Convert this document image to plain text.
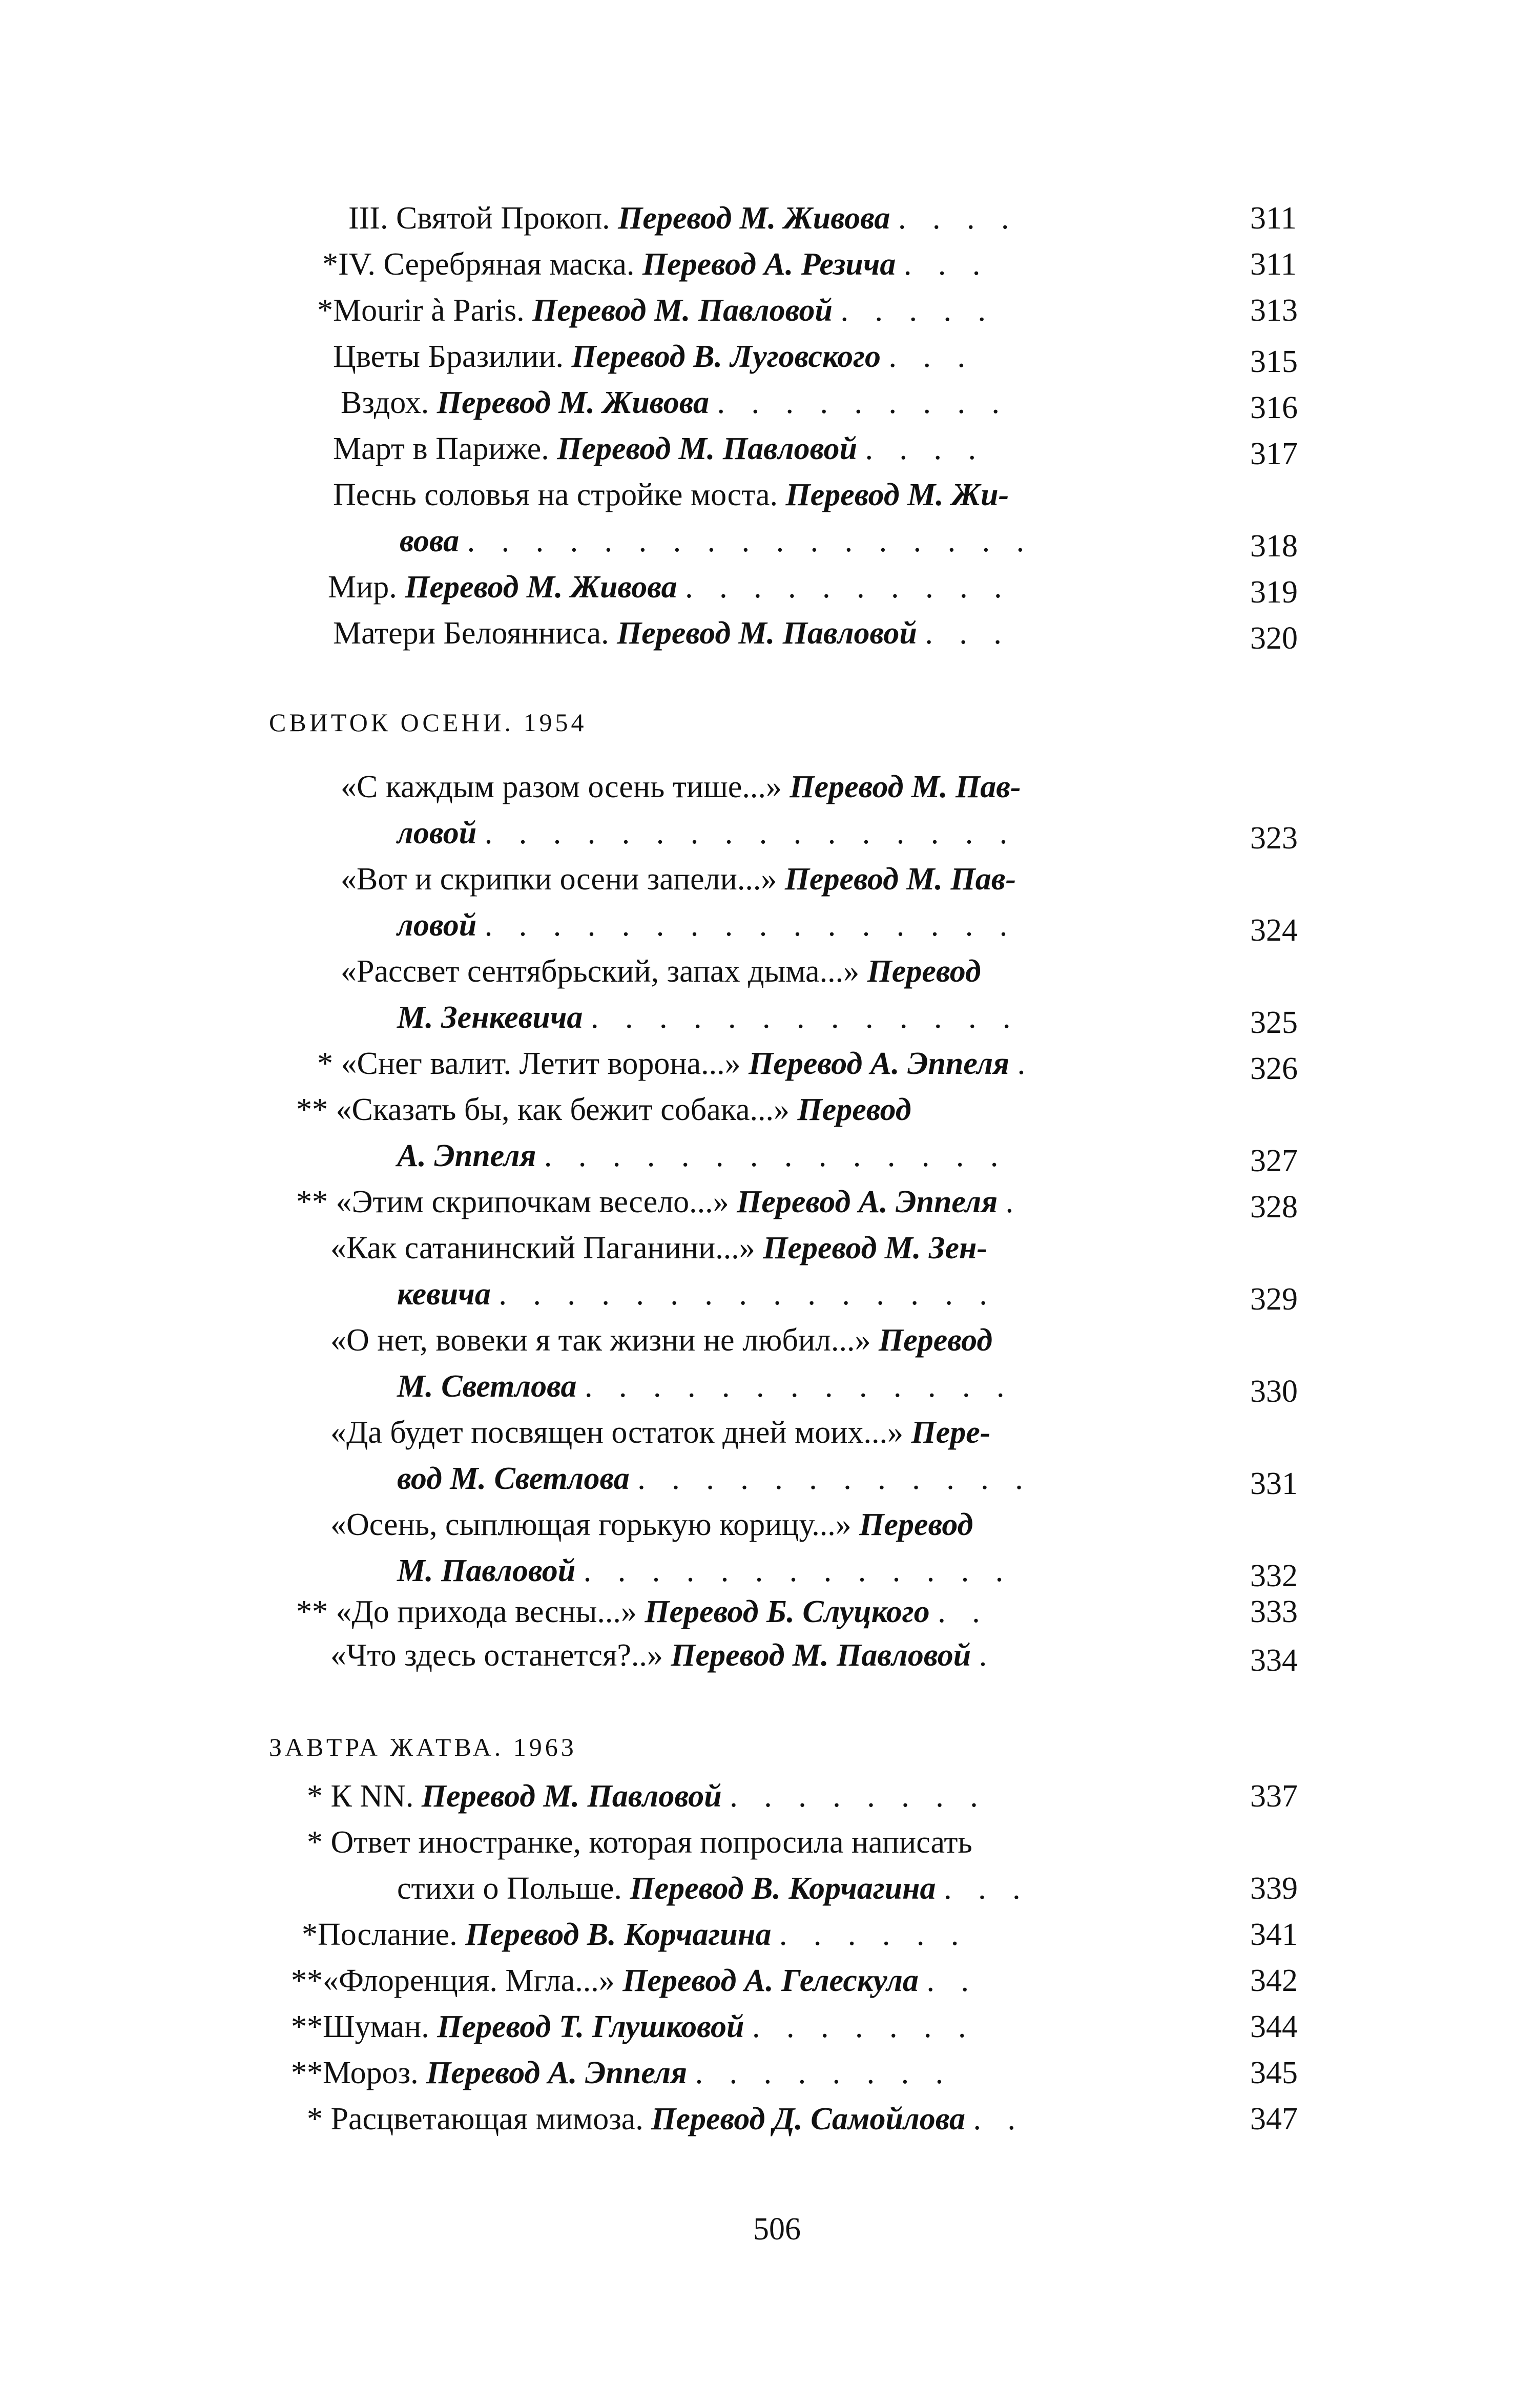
III. Святой Прокоп. Перевод М. Живова . . . .	311
*IV. Серебряная маска. Перевод А. Резича . . .	311
*Mourir à Paris. Перевод М. Павловой . . . . .	313
Цветы Бразилии. Перевод В. Луговского . . .	315
Вздох. Перевод М. Живова . . . . . . . . .	316
Март в Париже. Перевод М. Павловой . . . .	317
Песнь соловья на стройке моста. Перевод М. Жи-
вова . . . . . . . . . . . . . . . . .	318
Мир. Перевод М. Живова . . . . . . . . . .	319
Матери Белоянниса. Перевод М. Павловой . . .	320
СВИТОК ОСЕНИ. 1954
«С каждым разом осень тише...» Перевод М. Пав-
ловой . . . . . . . . . . . . . . . .	323
«Вот и скрипки осени запели...» Перевод М. Пав-
ловой . . . . . . . . . . . . . . . .	324
«Рассвет сентябрьский, запах дыма...» Перевод
М. Зенкевича . . . . . . . . . . . . .	325
* «Снег валит. Летит ворона...» Перевод А. Эппеля .	326
** «Сказать бы, как бежит собака...» Перевод
А. Эппеля . . . . . . . . . . . . . .	327
** «Этим скрипочкам весело...» Перевод А. Эппеля .	328
«Как сатанинский Паганини...» Перевод М. Зен-
кевича . . . . . . . . . . . . . . .	329
«О нет, вовеки я так жизни не любил...» Перевод
М. Светлова . . . . . . . . . . . . .	330
«Да будет посвящен остаток дней моих...» Пере-
вод М. Светлова . . . . . . . . . . . .	331
«Осень, сыплющая горькую корицу...» Перевод
М. Павловой . . . . . . . . . . . . .	332
** «До прихода весны...» Перевод Б. Слуцкого . .	333
«Что здесь останется?..» Перевод М. Павловой .	334
ЗАВТРА ЖАТВА. 1963
* К NN. Перевод М. Павловой . . . . . . . .	337
* Ответ иностранке, которая попросила написать
стихи о Польше. Перевод В. Корчагина . . .	339
*Послание. Перевод В. Корчагина . . . . . .	341
**«Флоренция. Мгла...» Перевод А. Гелескула . .	342
**Шуман. Перевод Т. Глушковой . . . . . . .	344
**Мороз. Перевод А. Эппеля . . . . . . . .	345
* Расцветающая мимоза. Перевод Д. Самойлова . .	347
506
